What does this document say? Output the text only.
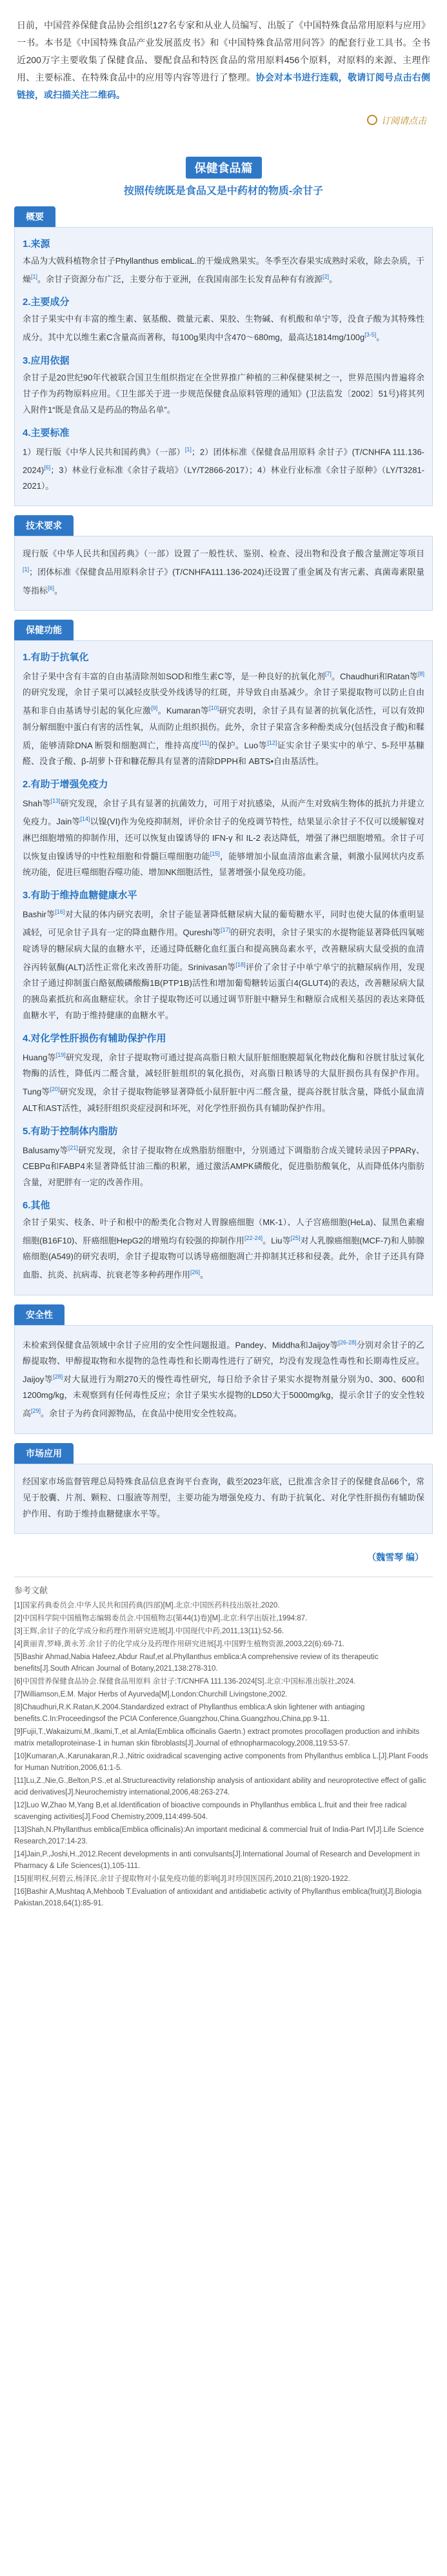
日前，中国营养保健食品协会组织127名专家和从业人员编写、出版了《中国特殊食品常用原料与应用》一书。本书是《中国特殊食品产业发展蓝皮书》和《中国特殊食品常用问答》的配套行业工具书。全书近200万字主要收集了保健食品、婴配食品和特医食品的常用原料456个原料，对原料的来源、主理作用、主要标准、在特殊食品中的应用等内容等进行了整理。协会对本书进行连载，敬请订阅号点击右侧链接，或扫描关注二维码。
订阅请点击
保健食品篇
按照传统既是食品又是中药材的物质-余甘子
概要
1.来源

本品为大戟科植物余甘子Phyllanthus emblicaL.的干燥成熟果实。冬季至次春果实成熟时采收，除去杂质，干燥[1]。余甘子资源分布广泛，主要分布于亚洲，在我国南部生长发育品种有有液源[2]。

2.主要成分

余甘子果实中有丰富的维生素、氨基酸、微量元素、果胶、生物碱、有机酸和单宁等，没食子酸为其特殊性成分。其中尤以维生素C含量高而著称，每100g果肉中含470～680mg，最高达1814mg/100g[3-5]。

3.应用依据

余甘子是20世纪90年代被联合国卫生组织指定在全世界推广种植的三种保健果树之一，世界范围内普遍将余甘子作为药物原料应用。《卫生部关于进一步规范保健食品原料管理的通知》(卫法监发〔2002〕51号)将其列入附件1“既是食品又是药品的物品名单”。

4.主要标准

1）现行版《中华人民共和国药典》（一部）[1]；2）团体标准《保健食品用原料 余甘子》(T/CNHFA 111.136-2024)[6]；3）林业行业标准《余甘子栽培》（LY/T2866-2017）；4）林业行业标准《余甘子原种》（LY/T3281-2021）。

技术要求

现行版《中华人民共和国药典》（一部）设置了一般性状、鉴别、检查、浸出物和没食子酸含量测定等项目[1]；团体标准《保健食品用原料余甘子》(T/CNHFA111.136-2024)还设置了重金属及有害元素、真菌毒素限量等指标[6]。

保健功能
1.有助于抗氧化

余甘子果中含有丰富的自由基清除剂如SOD和维生素C等，是一种良好的抗氧化剂[7]。Chaudhuri和Ratan等[8]的研究发现，余甘子果可以减轻皮肤受外线诱导的红斑，并导致自由基减少。余甘子果提取物可以防止自由基和非自由基诱导引起的氧化应激[9]。Kumaran等[10]研究表明，余甘子具有显著的抗氧化活性，可以有效抑制分解细胞中蛋白有害的活性氧，从而防止组织损伤。此外，余甘子果富含多种酚类成分(包括没食子酸)和鞣质，能够清除DNA 断裂和细胞凋亡，维持高度[11]的保护。Luo等[12]证实余甘子果实中的单宁、5-羟甲基糠醛、没食子酸、β-胡萝卜苷和糠花醇具有显著的清除DPPH和 ABTS•自由基活性。

2.有助于增强免疫力

Shah等[13]研究发现，余甘子具有显著的抗菌效力，可用于对抗感染，从而产生对致病生物体的抵抗力并建立免疫力。Jain等[14]以镍(VI)作为免疫抑制剂，评价余甘子的免疫调节特性，结果显示余甘子不仅可以缓解镍对淋巴细胞增殖的抑制作用，还可以恢复由镍诱导的 IFN-γ 和 IL-2 表达降低，增强了淋巴细胞增殖。余甘子可以恢复由镍诱导的中性粒细胞和骨髓巨噬细胞功能[15]，能够增加小鼠血清溶血素含量，刺激小鼠网状内皮系统功能，促进巨噬细胞吞噬功能、增加NK细胞活性，显著增强小鼠免疫功能。

3.有助于维持血糖健康水平

Bashir等[16]对大鼠的体内研究表明，余甘子能显著降低糖尿病大鼠的葡萄糖水平，同时也使大鼠的体重明显减轻，可见余甘子具有一定的降血糖作用。Qureshi等[17]的研究表明，余甘子果实的水提物能显著降低四氧嘧啶诱导的糖尿病大鼠的血糖水平，还通过降低糖化血红蛋白和提高胰岛素水平，改善糖尿病大鼠受损的血清谷丙转氨酶(ALT)活性正常化来改善肝功能。Srinivasan等[18]评价了余甘子中单宁单宁的抗糖尿病作用，发现余甘子通过抑制蛋白酪氨酸磷酸酶1B(PTP1B)活性和增加葡萄糖转运蛋白4(GLUT4)的表达，改善糖尿病大鼠的胰岛素抵抗和高血糖症状。余甘子提取物还可以通过调节肝脏中糖异生和糖原合成相关基因的表达来降低血糖水平，有助于维持健康的血糖水平。

4.对化学性肝损伤有辅助保护作用

Huang等[19]研究发现，余甘子提取物可通过提高高脂日粮大鼠肝脏细胞膜超氧化物歧化酶和谷胱甘肽过氧化物酶的活性，降低丙二醛含量，减轻肝脏组织的氧化损伤，对高脂日粮诱导的大鼠肝损伤具有保护作用。Tung等[20]研究发现，余甘子提取物能够显著降低小鼠肝脏中丙二醛含量，提高谷胱甘肽含量，降低小鼠血清ALT和AST活性，减轻肝组织炎症浸润和坏死，对化学性肝损伤具有辅助保护作用。

5.有助于控制体内脂肪

Balusamy等[21]研究发现，余甘子提取物在成熟脂肪细胞中，分别通过下调脂肪合成关键转录因子PPARγ、CEBPα和FABP4来显著降低甘油三酯的积累，通过激活AMPK磷酸化，促进脂肪酸氧化，从而降低体内脂肪含量，对肥胖有一定的改善作用。

6.其他

余甘子果实、枝条、叶子和根中的酚类化合物对人胃腺癌细胞（MK-1）、人子宫癌细胞(HeLa)、鼠黑色素瘤细胞(B16F10)、肝癌细胞HepG2的增殖均有较强的抑制作用[22-24]。Liu等[25]对人乳腺癌细胞(MCF-7)和人肺腺癌细胞(A549)的研究表明，余甘子提取物可以诱导癌细胞凋亡并抑制其迁移和侵袭。此外，余甘子还具有降血脂、抗炎、抗病毒、抗衰老等多种药理作用[26]。

安全性

未检索到保健食品领域中余甘子应用的安全性问题报道。Pandey、Middha和Jaijoy等[26-28]分别对余甘子的乙醇提取物、甲醇提取物和水提物的急性毒性和长期毒性进行了研究，均没有发现急性毒性和长期毒性反应。Jaijoy等[28]对大鼠进行为期270天的慢性毒性研究，每日给予余甘子果实水提物剂量分别为0、300、600和1200mg/kg，未观察到有任何毒性反应；余甘子果实水提物的LD50大于5000mg/kg，提示余甘子的安全性较高[29]。余甘子为药食同源物品，在食品中使用安全性较高。

市场应用

经国家市场监督管理总局特殊食品信息查询平台查询，截至2023年底，已批准含余甘子的保健食品66个，常见于胶囊、片剂、颗粒、口服液等剂型，主要功能为增强免疫力、有助于抗氧化、对化学性肝损伤有辅助保护作用、有助于维持血糖健康水平等。

（魏雪琴 编）
参考文献
[1]国家药典委员会.中华人民共和国药典(四部)[M].北京:中国医药科技出版社,2020.
[2]中国科学院中国植物志编辑委员会.中国植物志(第44(1)卷)[M].北京:科学出版社,1994:87.
[3]王辉,余甘子的化学成分和药理作用研究进展[J].中国现代中药,2011,13(11):52-56.
[4]黄丽青,罗峰,黄永芳.余甘子的化学成分及药理作用研究进展[J].中国野生植物资源,2003,22(6):69-71.
[5]Bashir Ahmad,Nabia Hafeez,Abdur Rauf,et al.Phyllanthus emblica:A comprehensive review of its therapeutic benefits[J].South African Journal of Botany,2021,138:278-310.
[6]中国营养保健食品协会.保健食品用原料 余甘子:T/CNHFA 111.136-2024[S].北京:中国标准出版社,2024.
[7]Williamson,E.M. Major Herbs of Ayurveda[M].London:Churchill Livingstone,2002.
[8]Chaudhuri,R.K.Ratan,K.2004.Standardized extract of Phyllanthus emblica:A skin lightener with antiaging benefits.C.In:Proceedingsof the PCIA Conference,Guangzhou,China.Guangzhou,China,pp.9-11.
[9]Fujii,T.,Wakaizumi,M.,Ikami,T.,et al.Amla(Emblica officinalis Gaertn.) extract promotes procollagen production and inhibits matrix metalloproteinase-1 in human skin fibroblasts[J].Journal of ethnopharmacology,2008,119:53-57.
[10]Kumaran,A.,Karunakaran,R.J.,Nitric oxidradical scavenging active components from Phyllanthus emblica L.[J].Plant Foods for Human Nutrition,2006,61:1-5.
[11]Lu,Z.,Nie,G.,Belton,P.S.,et al.Structureactivity relationship analysis of antioxidant ability and neuroprotective effect of gallic acid derivatives[J].Neurochemistry international,2006,48:263-274.
[12]Luo W,Zhao M,Yang B,et al.Identification of bioactive compounds in Phyllanthus emblica L.fruit and their free radical scavenging activities[J].Food Chemistry,2009,114:499-504.
[13]Shah,N.Phyllanthus emblica(Emblica officinalis):An important medicinal & commercial fruit of India-Part IV[J].Life Science Research,2017:14-23.
[14]Jain,P.,Joshi,H.,2012.Recent developments in anti convulsants[J].International Journal of Research and Development in Pharmacy & Life Sciences(1),105-111.
[15]崔明权,何碧云,杨泽民.余甘子提取物对小鼠免疫功能的影响[J].时珍国医国药,2010,21(8):1920-1922.
[16]Bashir A,Mushtaq A,Mehboob T.Evaluation of antioxidant and antidiabetic activity of Phyllanthus emblica(fruit)[J].Biologia Pakistan,2018,64(1):85-91.
